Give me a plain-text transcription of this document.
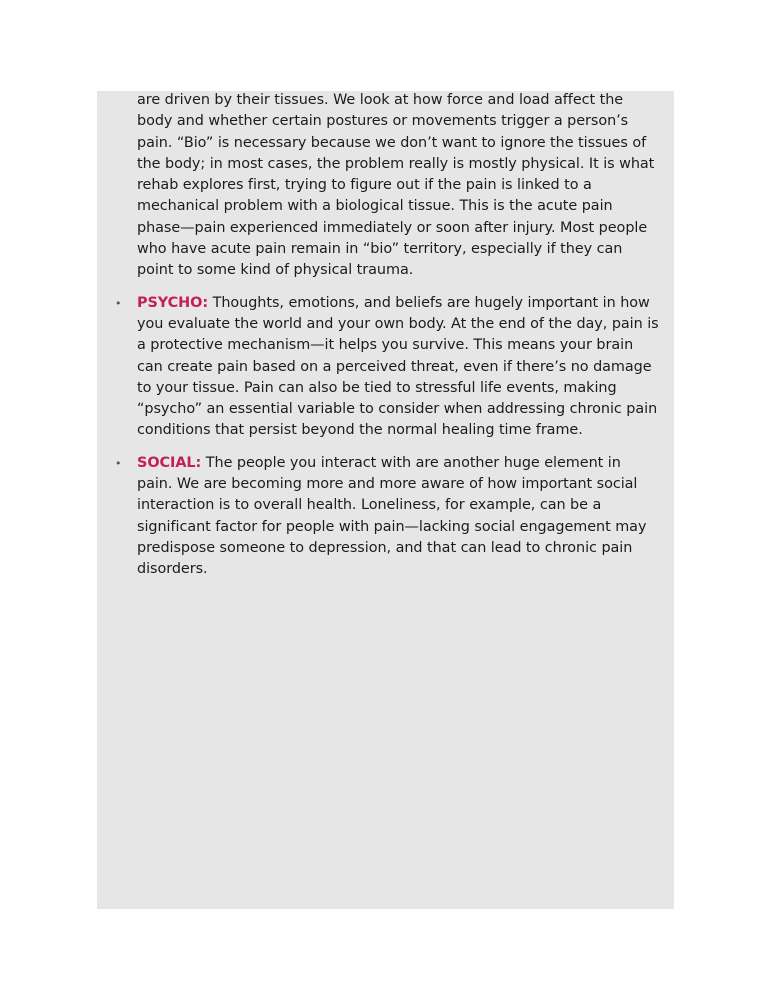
are driven by their tissues. We look at how force and load affect the body and whether certain postures or movements trigger a person’s pain. “Bio” is necessary because we don’t want to ignore the tissues of the body; in most cases, the problem really is mostly physical. It is what rehab explores first, trying to figure out if the pain is linked to a mechanical problem with a biological tissue. This is the acute pain phase—pain experienced immediately or soon after injury. Most people who have acute pain remain in “bio” territory, especially if they can point to some kind of physical trauma.

• PSYCHO: Thoughts, emotions, and beliefs are hugely important in how you evaluate the world and your own body. At the end of the day, pain is a protective mechanism—it helps you survive. This means your brain can create pain based on a perceived threat, even if there’s no damage to your tissue. Pain can also be tied to stressful life events, making “psycho” an essential variable to consider when addressing chronic pain conditions that persist beyond the normal healing time frame.

• SOCIAL: The people you interact with are another huge element in pain. We are becoming more and more aware of how important social interaction is to overall health. Loneliness, for example, can be a significant factor for people with pain—lacking social engagement may predispose someone to depression, and that can lead to chronic pain disorders.
